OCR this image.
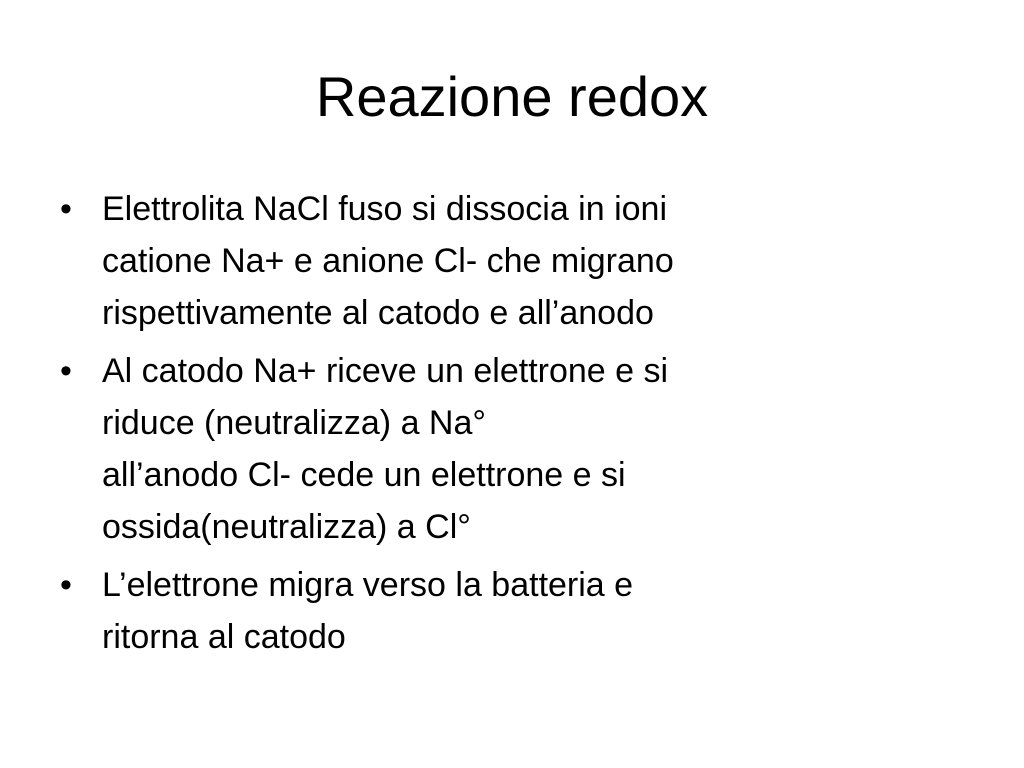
Reazione redox
• Elettrolita NaCl fuso si dissocia in ioni
catione Na+ e anione Cl- che migrano
rispettivamente al catodo e all’anodo
• Al catodo Na+ riceve un elettrone e si
riduce (neutralizza) a Na°
all’anodo Cl- cede un elettrone e si
ossida(neutralizza) a Cl°
• L’elettrone migra verso la batteria e
ritorna al catodo
